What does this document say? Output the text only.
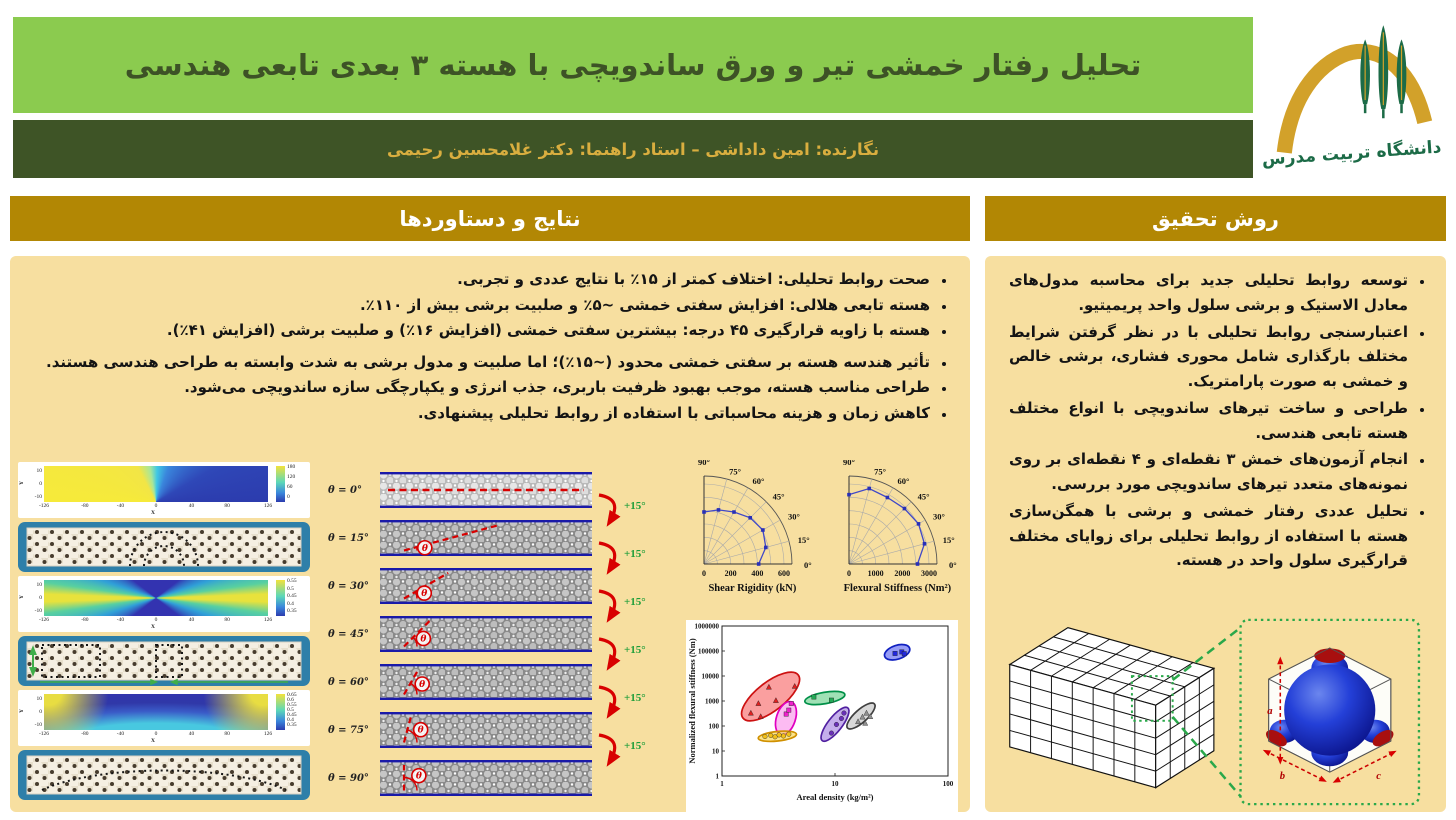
تحلیل رفتار خمشی تیر و ورق ساندویچی با هسته ۳ بعدی تابعی هندسی
نگارنده: امین داداشی – استاد راهنما: دکتر غلامحسین رحیمی	دانشگاه تربیت مدرس
نتایج و دستاوردها	روش تحقیق
• صحت روابط تحلیلی: اختلاف کمتر از ۱۵٪ با نتایج عددی و تجربی.
• هسته تابعی هلالی: افزایش سفتی خمشی ~۵٪ و صلبیت برشی بیش از ۱۱۰٪.
• هسته با زاویه قرارگیری ۴۵ درجه: بیشترین سفتی خمشی (افزایش ۱۶٪) و صلبیت برشی (افزایش ۴۱٪).
• تأثیر هندسه هسته بر سفتی خمشی محدود (~۱۵٪)؛ اما صلبیت و مدول برشی به شدت وابسته به طراحی هندسی هستند.
• طراحی مناسب هسته، موجب بهبود ظرفیت باربری، جذب انرژی و یکپارچگی سازه ساندویچی می‌شود.
• کاهش زمان و هزینه محاسباتی با استفاده از روابط تحلیلی پیشنهادی.
Y
10
0
-10
-126	-80	-40	0	40	80	126
X
180
120
60
0
Y
10
0
-10
-126	-80	-40	0	40	80	126
X
0.55
0.5
0.45
0.4
0.35
Y
10
0
-10
-126	-80	-40	0	40	80	126
X
0.65
0.6
0.55
0.5
0.45
0.4
0.35
θ = 0°
+15°
θ = 15°
θ	+15°
θ = 30°
θ
+15°
θ = 45°	θ
+15°
θ = 60°	θ
+15°
θ = 75°	θ
+15°
θ = 90°	θ
0°
15°
30°
45°
60°
75°
90°
0 200 400 600
Shear Rigidity (kN)
0°
15°
30°
45°
60°
75°
90°
0 1000 2000 3000
Flexural Stiffness (Nm²)
1
10
100
1000
10000
100000
1000000
1	10	100
Areal density (kg/m²)
Normalized flexural stiffness (Nm)
• توسعه روابط تحلیلی جدید برای محاسبه مدول‌های معادل الاستیک و برشی سلول واحد پریمیتیو.
• اعتبارسنجی روابط تحلیلی با در نظر گرفتن شرایط مختلف بارگذاری شامل محوری فشاری، برشی خالص و خمشی به صورت پارامتریک.
• طراحی و ساخت تیرهای ساندویچی با انواع مختلف هسته تابعی هندسی.
• انجام آزمون‌های خمش ۳ نقطه‌ای و ۴ نقطه‌ای بر روی نمونه‌های متعدد تیرهای ساندویچی مورد بررسی.
• تحلیل عددی رفتار خمشی و برشی با همگن‌سازی هسته با استفاده از روابط تحلیلی برای زوایای مختلف قرارگیری سلول واحد در هسته.
a
b	c
